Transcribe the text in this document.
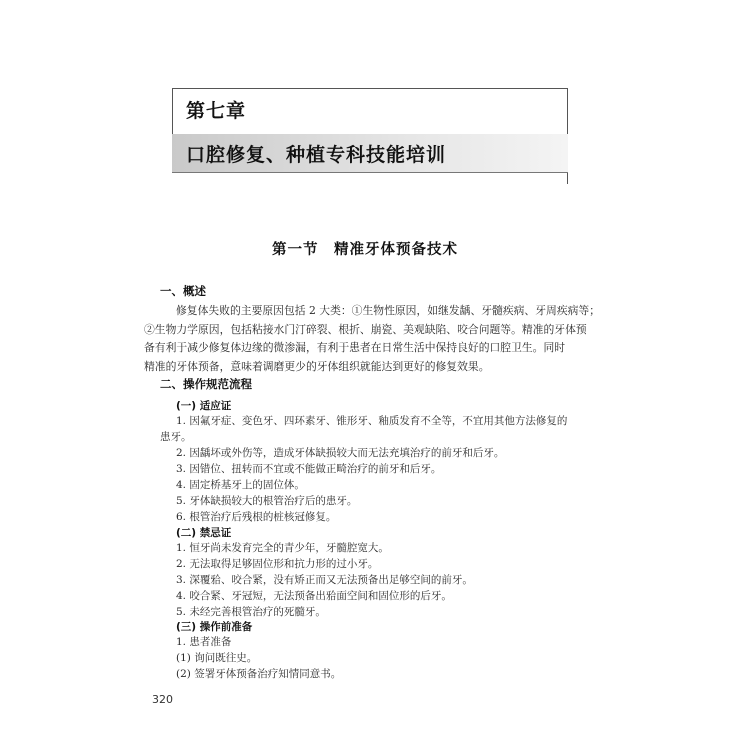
第七章
口腔修复、种植专科技能培训
第一节　精准牙体预备技术
一、概述
修复体失败的主要原因包括 2 大类：①生物性原因，如继发龋、牙髓疾病、牙周疾病等；
②生物力学原因，包括粘接水门汀碎裂、根折、崩瓷、美观缺陷、咬合问题等。精准的牙体预
备有利于减少修复体边缘的微渗漏，有利于患者在日常生活中保持良好的口腔卫生。同时
精准的牙体预备，意味着调磨更少的牙体组织就能达到更好的修复效果。
二、操作规范流程
(一) 适应证
1. 因氟牙症、变色牙、四环素牙、锥形牙、釉质发育不全等，不宜用其他方法修复的
患牙。
2. 因龋坏或外伤等，造成牙体缺损较大而无法充填治疗的前牙和后牙。
3. 因错位、扭转而不宜或不能做正畸治疗的前牙和后牙。
4. 固定桥基牙上的固位体。
5. 牙体缺损较大的根管治疗后的患牙。
6. 根管治疗后残根的桩核冠修复。
(二) 禁忌证
1. 恒牙尚未发育完全的青少年，牙髓腔宽大。
2. 无法取得足够固位形和抗力形的过小牙。
3. 深覆𬌗、咬合紧，没有矫正而又无法预备出足够空间的前牙。
4. 咬合紧、牙冠短，无法预备出𬌗面空间和固位形的后牙。
5. 未经完善根管治疗的死髓牙。
(三) 操作前准备
1. 患者准备
(1) 询问既往史。
(2) 签署牙体预备治疗知情同意书。
320
